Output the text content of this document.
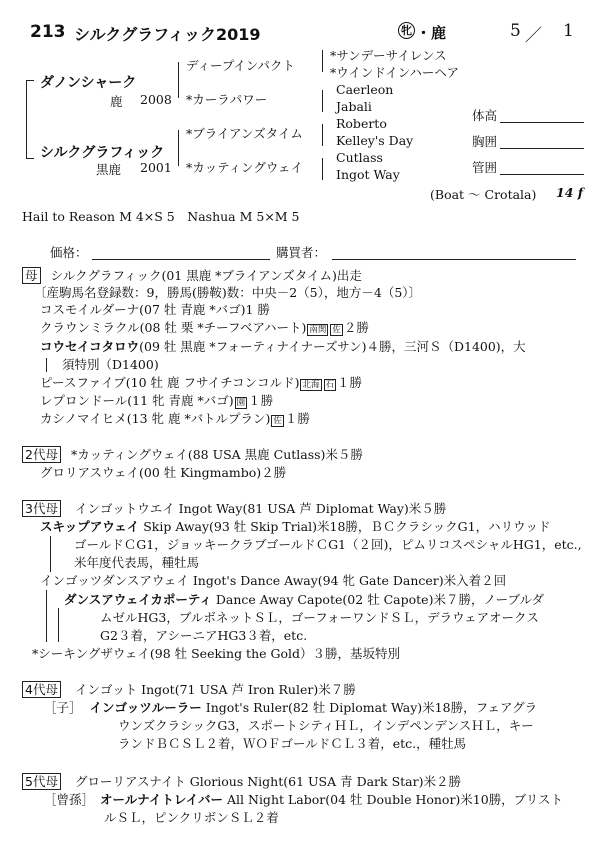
213 シルクグラフィック2019	牝 ・鹿	5 ／ 1
ダノンシャーク
鹿 2008
ディープインパクト
*カーラパワー
*サンデーサイレンス
*ウインドインハーヘア
Caerleon
Jabali
シルクグラフィック
黒鹿 2001
*ブライアンズタイム
*カッティングウェイ
Roberto
Kelley's Day
Cutlass
Ingot Way
(Boat ～ Crotala) 14 f
体高
胸囲
管囲
Hail to Reason M 4×S 5　Nashua M 5×M 5
価格：	購買者：
母 シルクグラフィック(01 黒鹿 *ブライアンズタイム)出走
〔産駒馬名登録数：9，勝馬(勝鞍)数：中央－2（5），地方－4（5）〕
コスモイルダーナ(07 牡 青鹿 *バゴ)1 勝
クラウンミラクル(08 牡 栗 *チーフベアハート) 南関 佐 ２勝
コウセイコタロウ(09 牡 黒鹿 *フォーティナイナーズサン)４勝，三河Ｓ（D1400)，大
須特別（D1400)
ピースファイブ(10 牡 鹿 フサイチコンコルド) 北海 石 １勝
レプロンドール(11 牝 青鹿 *バゴ) 園 １勝
カシノマイヒメ(13 牝 鹿 *バトルプラン) 佐 １勝
2代母 *カッティングウェイ(88 USA 黒鹿 Cutlass)米５勝
グロリアスウェイ(00 牡 Kingmambo)２勝
3代母 インゴットウエイ Ingot Way(81 USA 芦 Diplomat Way)米５勝
スキップアウェイ Skip Away(93 牡 Skip Trial)米18勝，ＢＣクラシックG1，ハリウッド
ゴールドＣG1，ジョッキークラブゴールドＣG1（２回)，ピムリコスペシャルHG1，etc.,
米年度代表馬，種牡馬
インゴッツダンスアウェイ Ingot's Dance Away(94 牝 Gate Dancer)米入着２回
ダンスアウェイカポーティ Dance Away Capote(02 牡 Capote)米７勝，ノーブルダ
ムゼルHG3，ブルボネットＳＬ，ゴーフォーワンドＳＬ，デラウェアオークス
G2３着，アシーニアHG3３着，etc.
*シーキングザウェイ(98 牡 Seeking the Gold）３勝，基坂特別
4代母 インゴット Ingot(71 USA 芦 Iron Ruler)米７勝
［子］ インゴッツルーラー Ingot's Ruler(82 牡 Diplomat Way)米18勝，フェアグラ
ウンズクラシックG3，スポートシティＨＬ，インデペンデンスＨＬ，キー
ランドＢＣＳＬ２着，ＷＯＦゴールドＣＬ３着，etc.，種牡馬
5代母 グローリアスナイト Glorious Night(61 USA 青 Dark Star)米２勝
［曾孫］ オールナイトレイバー All Night Labor(04 牡 Double Honor)米10勝，ブリスト
ルＳＬ，ピンクリボンＳＬ２着
